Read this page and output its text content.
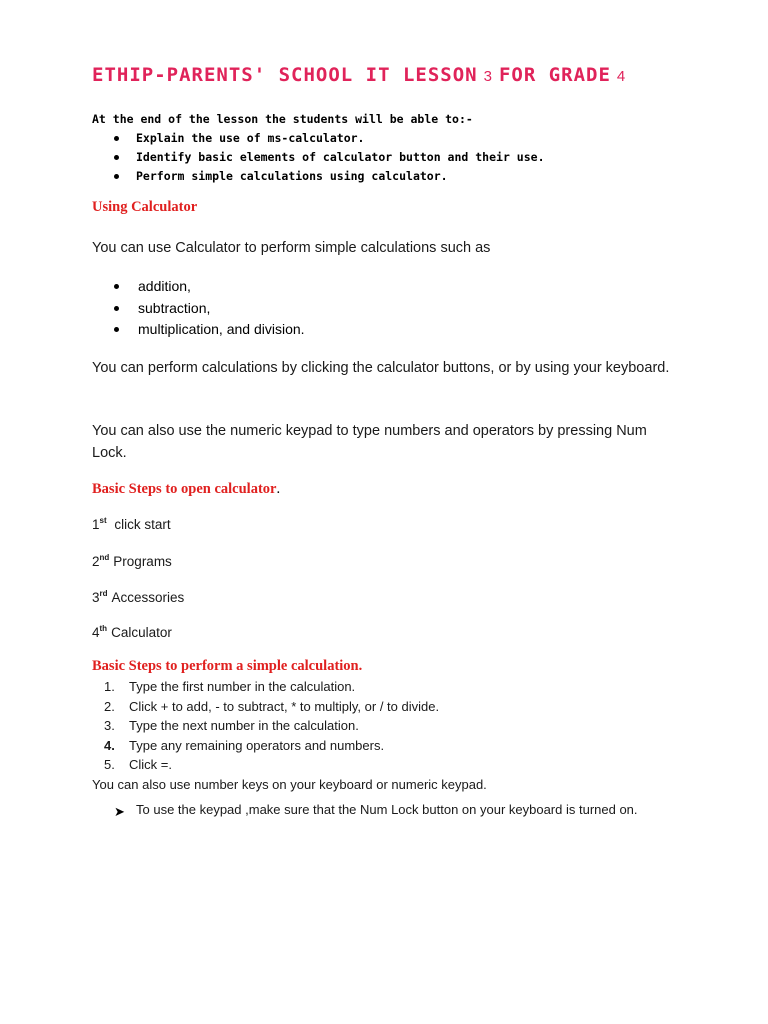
ETHIP-PARENTS' SCHOOL IT LESSON 3 FOR GRADE 4
At the end of the lesson the students will be able to:-
Explain the use of ms-calculator.
Identify basic elements of calculator button and their use.
Perform simple calculations using calculator.
Using Calculator
You can use Calculator to perform simple calculations such as
addition,
subtraction,
multiplication, and division.
You can perform calculations by clicking the calculator buttons, or by using your keyboard.
You can also use the numeric keypad to type numbers and operators by pressing Num Lock.
Basic Steps to open calculator.
1st click start
2nd Programs
3rd Accessories
4th Calculator
Basic Steps to perform a simple calculation.
1. Type the first number in the calculation.
2. Click + to add, - to subtract, * to multiply, or / to divide.
3. Type the next number in the calculation.
4. Type any remaining operators and numbers.
5. Click =.
You can also use number keys on your keyboard or numeric keypad.
➤ To use the keypad ,make sure that the Num Lock button on your keyboard is turned on.
